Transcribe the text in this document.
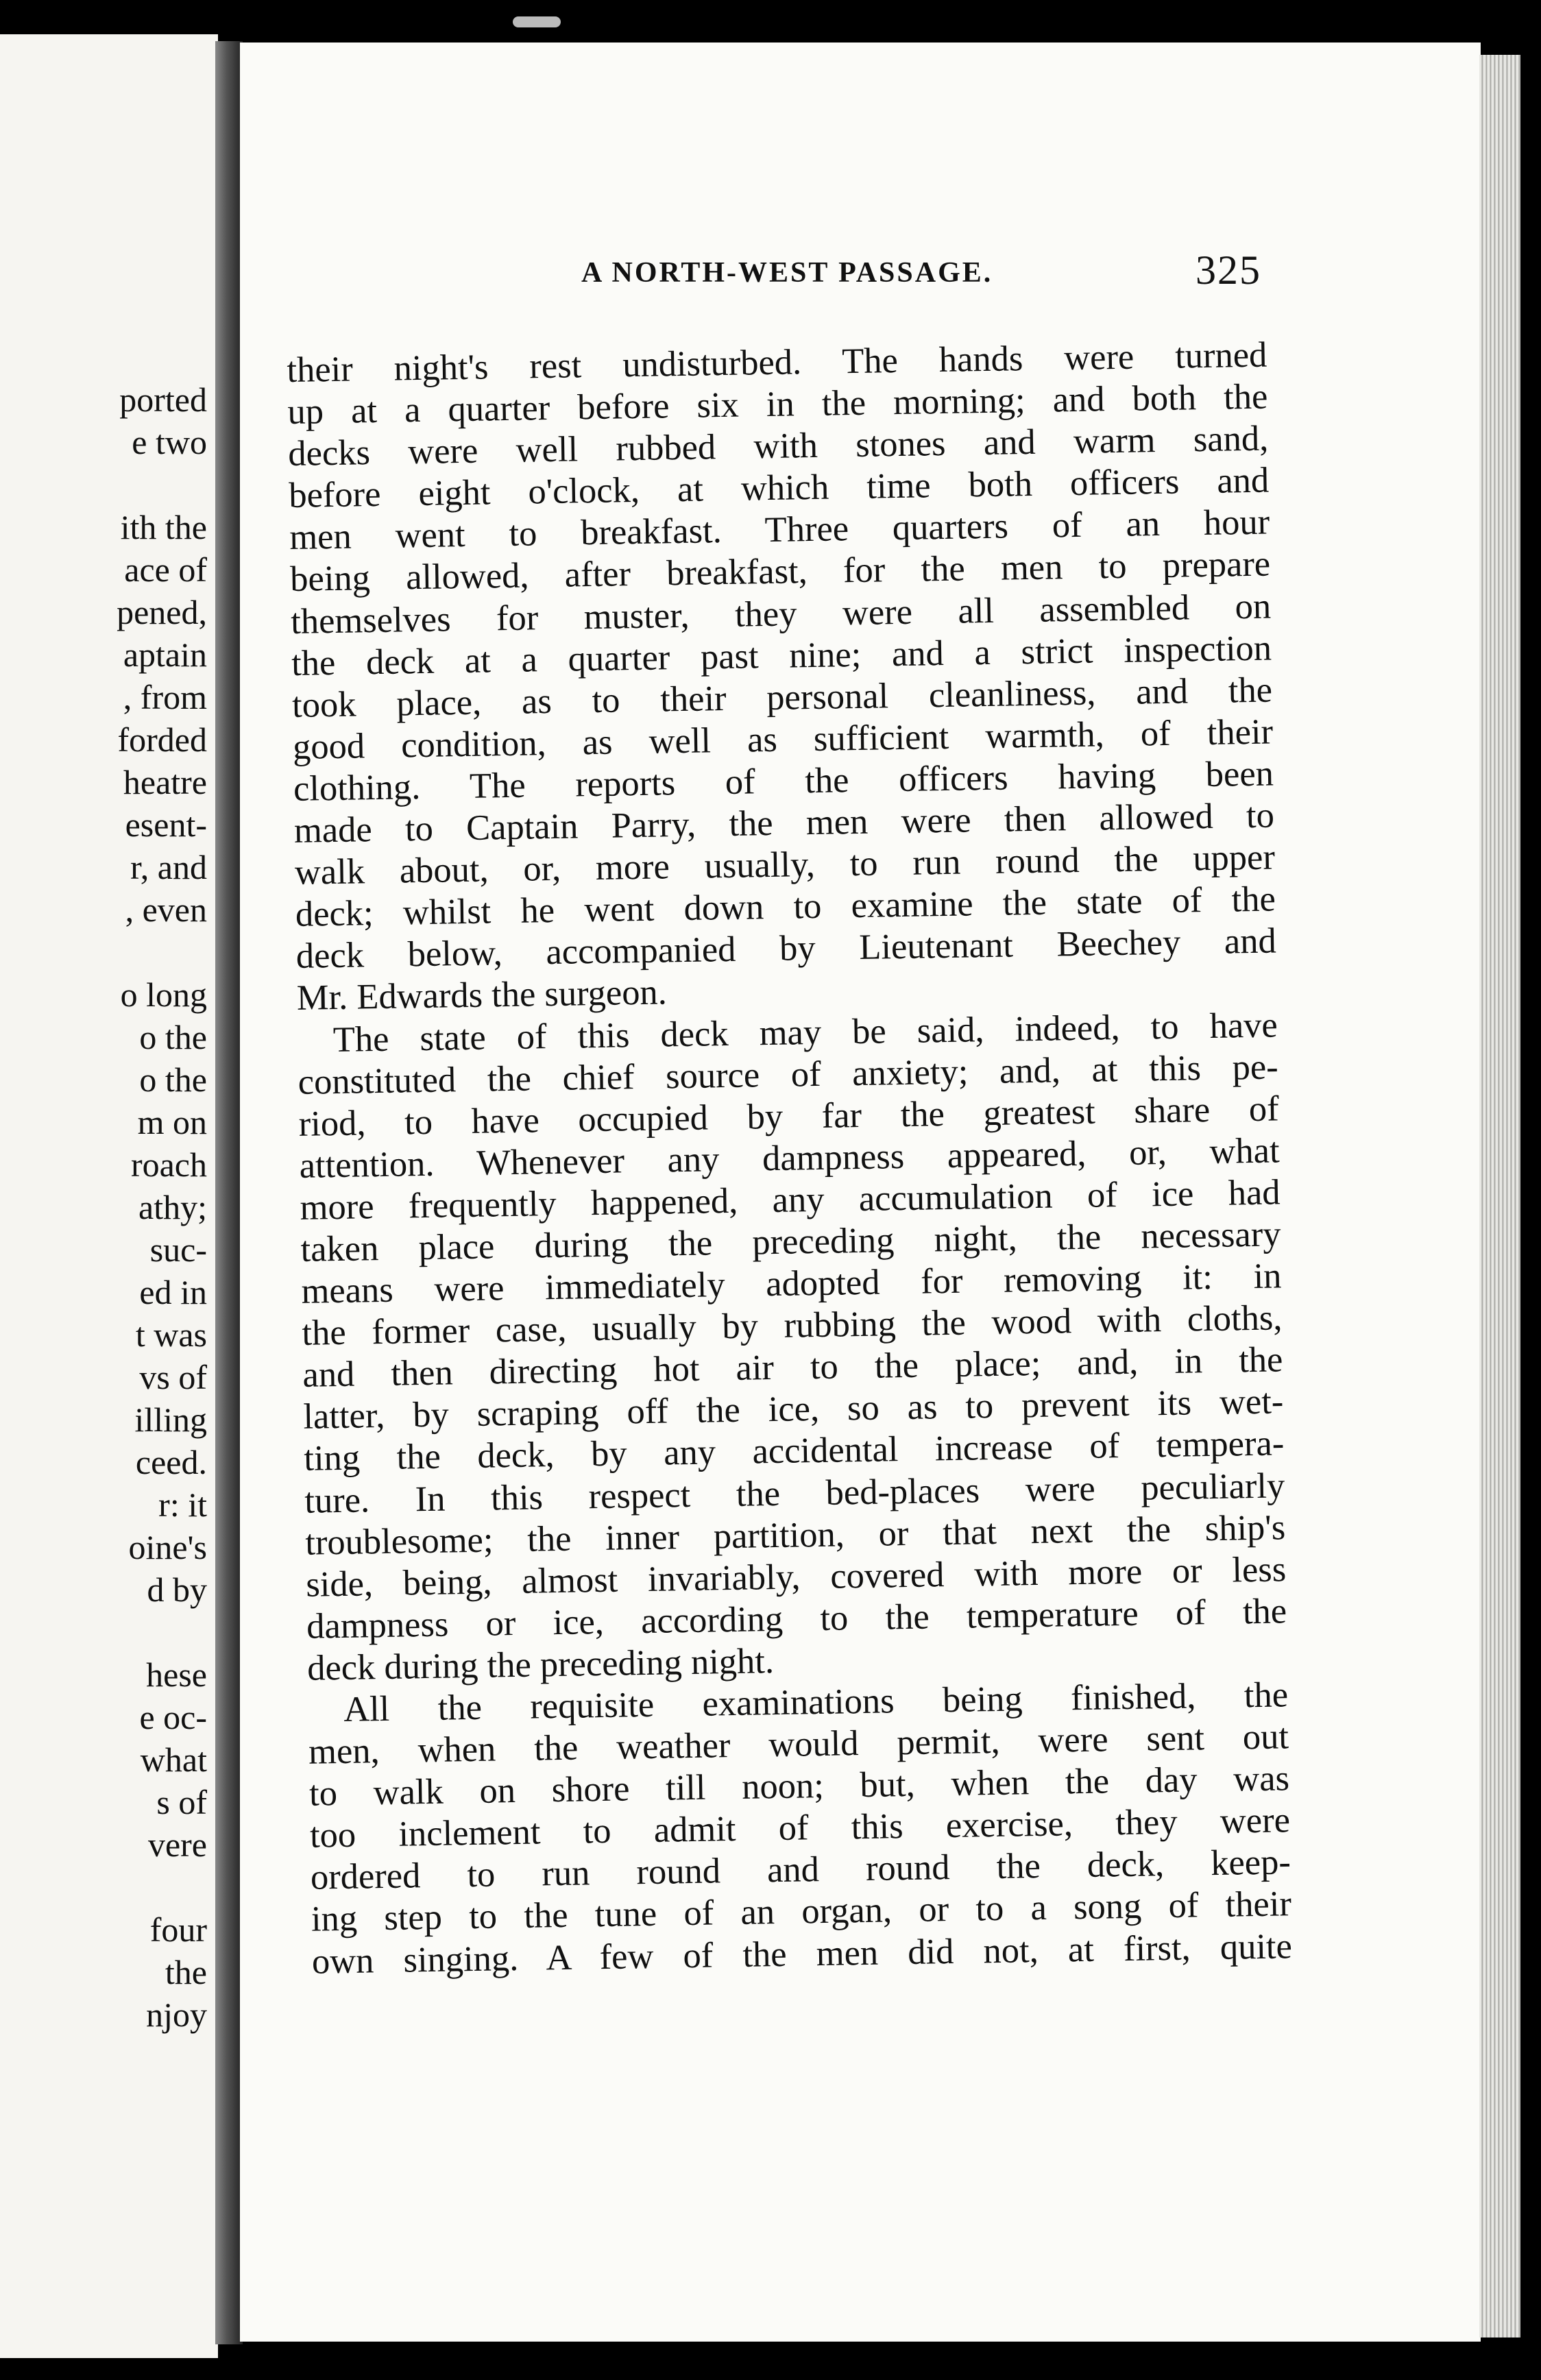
ported
e two
ith the
ace of
pened,
aptain
, from
forded
heatre
esent-
r, and
, even
o long
o the
o the
m on
roach
athy;
suc-
ed in
t was
vs of
illing
ceed.
r: it
oine's
d by
hese
e oc-
what
s of
vere
four
the
njoy
A NORTH-WEST PASSAGE.	325
their night's rest undisturbed. The hands were turned
up at a quarter before six in the morning; and both the
decks were well rubbed with stones and warm sand,
before eight o'clock, at which time both officers and
men went to breakfast. Three quarters of an hour
being allowed, after breakfast, for the men to prepare
themselves for muster, they were all assembled on
the deck at a quarter past nine; and a strict inspection
took place, as to their personal cleanliness, and the
good condition, as well as sufficient warmth, of their
clothing. The reports of the officers having been
made to Captain Parry, the men were then allowed to
walk about, or, more usually, to run round the upper
deck; whilst he went down to examine the state of the
deck below, accompanied by Lieutenant Beechey and
Mr. Edwards the surgeon.
The state of this deck may be said, indeed, to have
constituted the chief source of anxiety; and, at this pe-
riod, to have occupied by far the greatest share of
attention. Whenever any dampness appeared, or, what
more frequently happened, any accumulation of ice had
taken place during the preceding night, the necessary
means were immediately adopted for removing it: in
the former case, usually by rubbing the wood with cloths,
and then directing hot air to the place; and, in the
latter, by scraping off the ice, so as to prevent its wet-
ting the deck, by any accidental increase of tempera-
ture. In this respect the bed-places were peculiarly
troublesome; the inner partition, or that next the ship's
side, being, almost invariably, covered with more or less
dampness or ice, according to the temperature of the
deck during the preceding night.
All the requisite examinations being finished, the
men, when the weather would permit, were sent out
to walk on shore till noon; but, when the day was
too inclement to admit of this exercise, they were
ordered to run round and round the deck, keep-
ing step to the tune of an organ, or to a song of their
own singing. A few of the men did not, at first, quite
